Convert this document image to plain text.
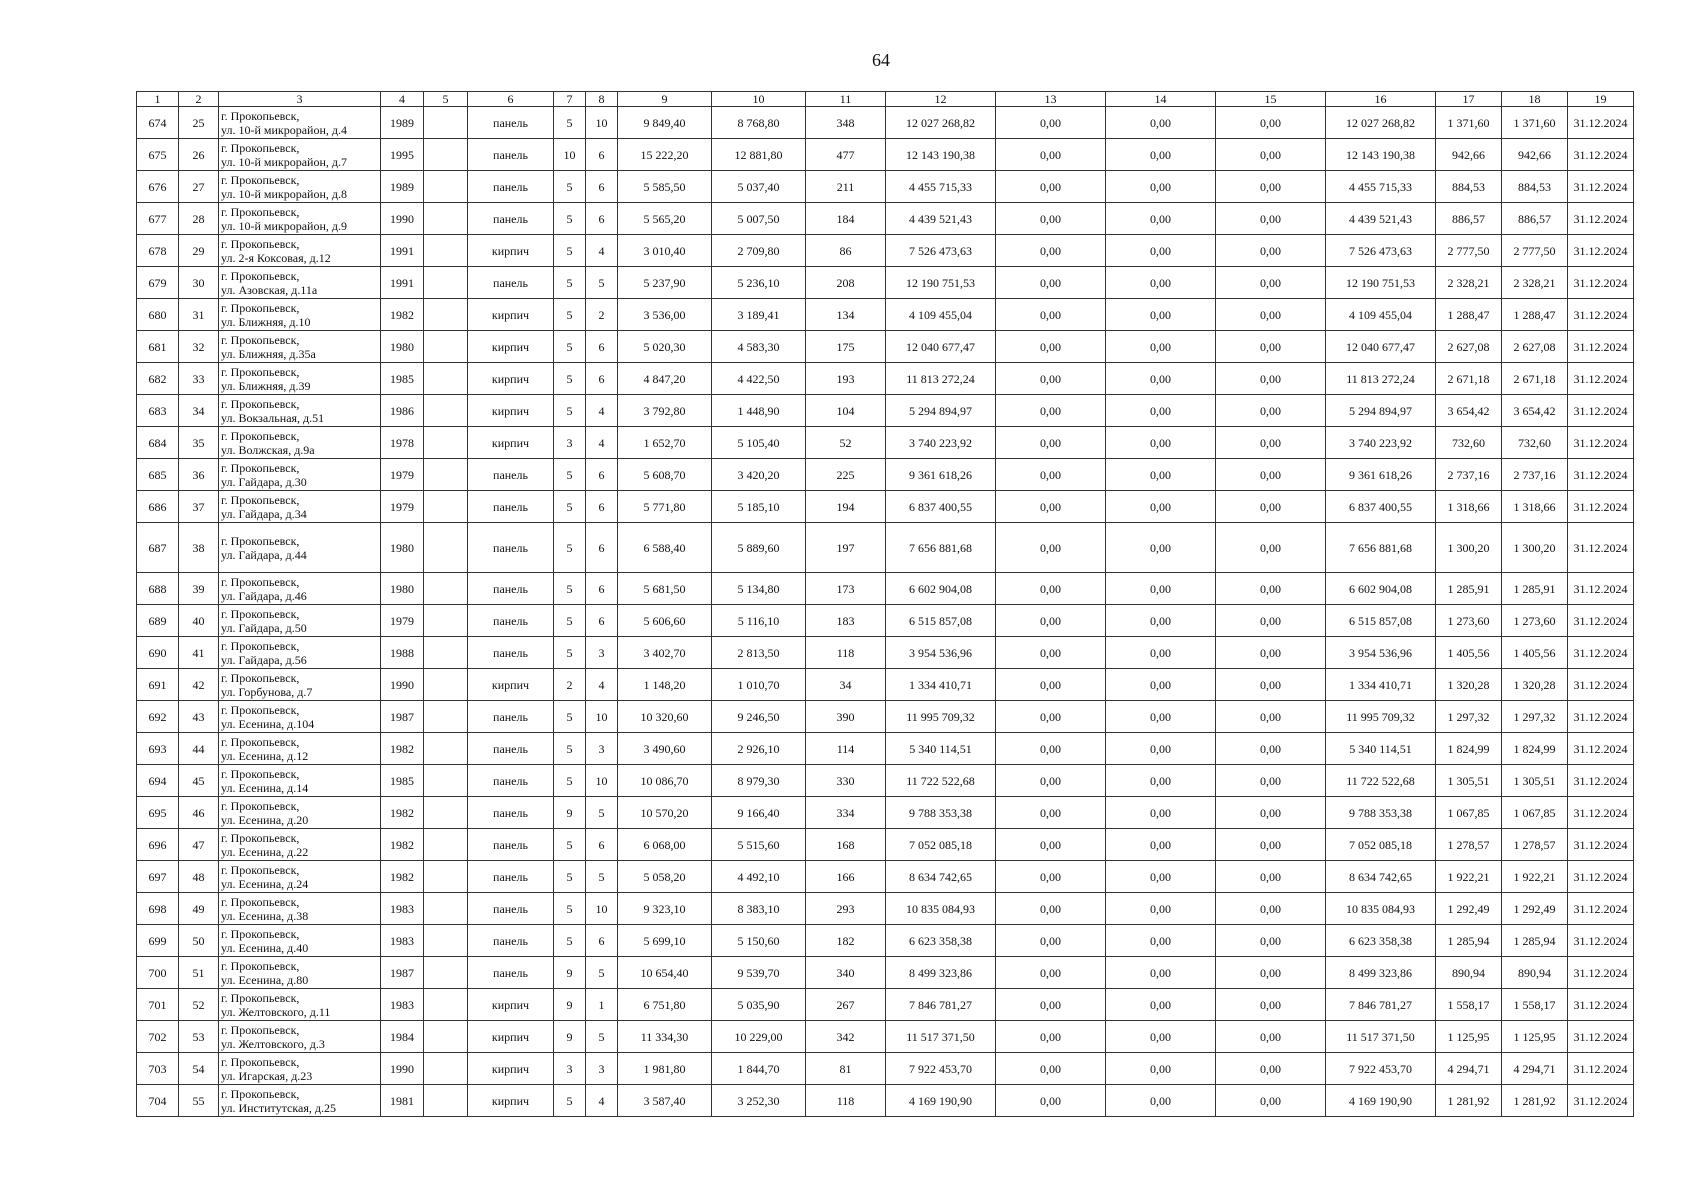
64
1	2	3	4	5	6	7	8	9	10	11	12	13	14	15	16	17	18	19
674	25	г. Прокопьевск,
ул. 10-й микрорайон, д.4	1989		панель	5	10	9 849,40	8 768,80	348	12 027 268,82	0,00	0,00	0,00	12 027 268,82	1 371,60	1 371,60	31.12.2024
675	26	г. Прокопьевск,
ул. 10-й микрорайон, д.7	1995		панель	10	6	15 222,20	12 881,80	477	12 143 190,38	0,00	0,00	0,00	12 143 190,38	942,66	942,66	31.12.2024
676	27	г. Прокопьевск,
ул. 10-й микрорайон, д.8	1989		панель	5	6	5 585,50	5 037,40	211	4 455 715,33	0,00	0,00	0,00	4 455 715,33	884,53	884,53	31.12.2024
677	28	г. Прокопьевск,
ул. 10-й микрорайон, д.9	1990		панель	5	6	5 565,20	5 007,50	184	4 439 521,43	0,00	0,00	0,00	4 439 521,43	886,57	886,57	31.12.2024
678	29	г. Прокопьевск,
ул. 2-я Коксовая, д.12	1991		кирпич	5	4	3 010,40	2 709,80	86	7 526 473,63	0,00	0,00	0,00	7 526 473,63	2 777,50	2 777,50	31.12.2024
679	30	г. Прокопьевск,
ул. Азовская, д.11а	1991		панель	5	5	5 237,90	5 236,10	208	12 190 751,53	0,00	0,00	0,00	12 190 751,53	2 328,21	2 328,21	31.12.2024
680	31	г. Прокопьевск,
ул. Ближняя, д.10	1982		кирпич	5	2	3 536,00	3 189,41	134	4 109 455,04	0,00	0,00	0,00	4 109 455,04	1 288,47	1 288,47	31.12.2024
681	32	г. Прокопьевск,
ул. Ближняя, д.35а	1980		кирпич	5	6	5 020,30	4 583,30	175	12 040 677,47	0,00	0,00	0,00	12 040 677,47	2 627,08	2 627,08	31.12.2024
682	33	г. Прокопьевск,
ул. Ближняя, д.39	1985		кирпич	5	6	4 847,20	4 422,50	193	11 813 272,24	0,00	0,00	0,00	11 813 272,24	2 671,18	2 671,18	31.12.2024
683	34	г. Прокопьевск,
ул. Вокзальная, д.51	1986		кирпич	5	4	3 792,80	1 448,90	104	5 294 894,97	0,00	0,00	0,00	5 294 894,97	3 654,42	3 654,42	31.12.2024
684	35	г. Прокопьевск,
ул. Волжская, д.9а	1978		кирпич	3	4	1 652,70	5 105,40	52	3 740 223,92	0,00	0,00	0,00	3 740 223,92	732,60	732,60	31.12.2024
685	36	г. Прокопьевск,
ул. Гайдара, д.30	1979		панель	5	6	5 608,70	3 420,20	225	9 361 618,26	0,00	0,00	0,00	9 361 618,26	2 737,16	2 737,16	31.12.2024
686	37	г. Прокопьевск,
ул. Гайдара, д.34	1979		панель	5	6	5 771,80	5 185,10	194	6 837 400,55	0,00	0,00	0,00	6 837 400,55	1 318,66	1 318,66	31.12.2024
687	38	г. Прокопьевск,
ул. Гайдара, д.44	1980		панель	5	6	6 588,40	5 889,60	197	7 656 881,68	0,00	0,00	0,00	7 656 881,68	1 300,20	1 300,20	31.12.2024
688	39	г. Прокопьевск,
ул. Гайдара, д.46	1980		панель	5	6	5 681,50	5 134,80	173	6 602 904,08	0,00	0,00	0,00	6 602 904,08	1 285,91	1 285,91	31.12.2024
689	40	г. Прокопьевск,
ул. Гайдара, д.50	1979		панель	5	6	5 606,60	5 116,10	183	6 515 857,08	0,00	0,00	0,00	6 515 857,08	1 273,60	1 273,60	31.12.2024
690	41	г. Прокопьевск,
ул. Гайдара, д.56	1988		панель	5	3	3 402,70	2 813,50	118	3 954 536,96	0,00	0,00	0,00	3 954 536,96	1 405,56	1 405,56	31.12.2024
691	42	г. Прокопьевск,
ул. Горбунова, д.7	1990		кирпич	2	4	1 148,20	1 010,70	34	1 334 410,71	0,00	0,00	0,00	1 334 410,71	1 320,28	1 320,28	31.12.2024
692	43	г. Прокопьевск,
ул. Есенина, д.104	1987		панель	5	10	10 320,60	9 246,50	390	11 995 709,32	0,00	0,00	0,00	11 995 709,32	1 297,32	1 297,32	31.12.2024
693	44	г. Прокопьевск,
ул. Есенина, д.12	1982		панель	5	3	3 490,60	2 926,10	114	5 340 114,51	0,00	0,00	0,00	5 340 114,51	1 824,99	1 824,99	31.12.2024
694	45	г. Прокопьевск,
ул. Есенина, д.14	1985		панель	5	10	10 086,70	8 979,30	330	11 722 522,68	0,00	0,00	0,00	11 722 522,68	1 305,51	1 305,51	31.12.2024
695	46	г. Прокопьевск,
ул. Есенина, д.20	1982		панель	9	5	10 570,20	9 166,40	334	9 788 353,38	0,00	0,00	0,00	9 788 353,38	1 067,85	1 067,85	31.12.2024
696	47	г. Прокопьевск,
ул. Есенина, д.22	1982		панель	5	6	6 068,00	5 515,60	168	7 052 085,18	0,00	0,00	0,00	7 052 085,18	1 278,57	1 278,57	31.12.2024
697	48	г. Прокопьевск,
ул. Есенина, д.24	1982		панель	5	5	5 058,20	4 492,10	166	8 634 742,65	0,00	0,00	0,00	8 634 742,65	1 922,21	1 922,21	31.12.2024
698	49	г. Прокопьевск,
ул. Есенина, д.38	1983		панель	5	10	9 323,10	8 383,10	293	10 835 084,93	0,00	0,00	0,00	10 835 084,93	1 292,49	1 292,49	31.12.2024
699	50	г. Прокопьевск,
ул. Есенина, д.40	1983		панель	5	6	5 699,10	5 150,60	182	6 623 358,38	0,00	0,00	0,00	6 623 358,38	1 285,94	1 285,94	31.12.2024
700	51	г. Прокопьевск,
ул. Есенина, д.80	1987		панель	9	5	10 654,40	9 539,70	340	8 499 323,86	0,00	0,00	0,00	8 499 323,86	890,94	890,94	31.12.2024
701	52	г. Прокопьевск,
ул. Желтовского, д.11	1983		кирпич	9	1	6 751,80	5 035,90	267	7 846 781,27	0,00	0,00	0,00	7 846 781,27	1 558,17	1 558,17	31.12.2024
702	53	г. Прокопьевск,
ул. Желтовского, д.3	1984		кирпич	9	5	11 334,30	10 229,00	342	11 517 371,50	0,00	0,00	0,00	11 517 371,50	1 125,95	1 125,95	31.12.2024
703	54	г. Прокопьевск,
ул. Игарская, д.23	1990		кирпич	3	3	1 981,80	1 844,70	81	7 922 453,70	0,00	0,00	0,00	7 922 453,70	4 294,71	4 294,71	31.12.2024
704	55	г. Прокопьевск,
ул. Институтская, д.25	1981		кирпич	5	4	3 587,40	3 252,30	118	4 169 190,90	0,00	0,00	0,00	4 169 190,90	1 281,92	1 281,92	31.12.2024
